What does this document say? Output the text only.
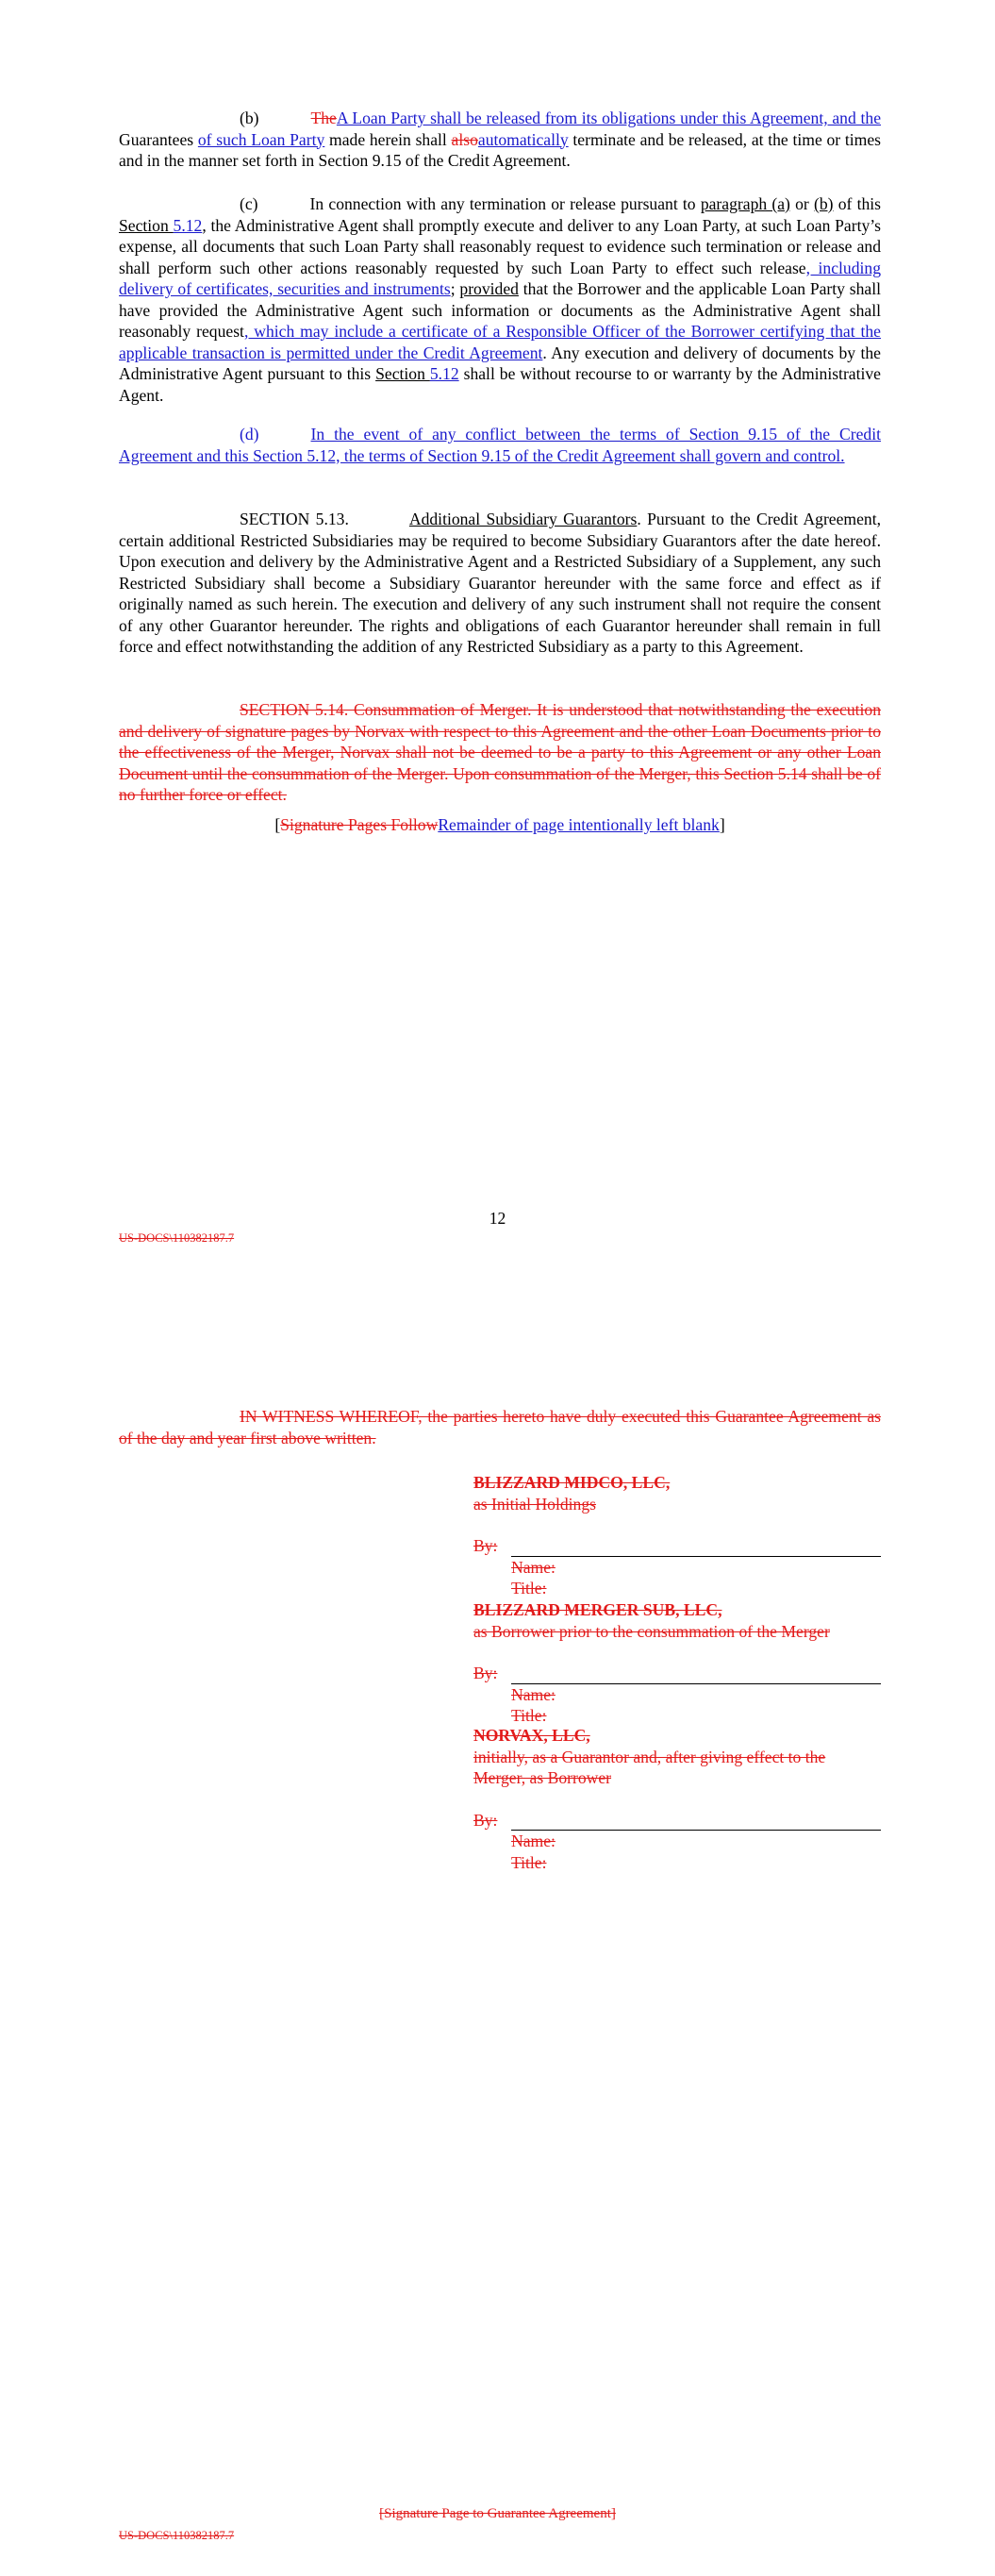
(b)	TheA Loan Party shall be released from its obligations under this Agreement, and the Guarantees of such Loan Party made herein shall alsoautomatically terminate and be released, at the time or times and in the manner set forth in Section 9.15 of the Credit Agreement.

(c)	In connection with any termination or release pursuant to paragraph (a) or (b) of this Section 5.12, the Administrative Agent shall promptly execute and deliver to any Loan Party, at such Loan Party’s expense, all documents that such Loan Party shall reasonably request to evidence such termination or release and shall perform such other actions reasonably requested by such Loan Party to effect such release, including delivery of certificates, securities and instruments; provided that the Borrower and the applicable Loan Party shall have provided the Administrative Agent such information or documents as the Administrative Agent shall reasonably request, which may include a certificate of a Responsible Officer of the Borrower certifying that the applicable transaction is permitted under the Credit Agreement. Any execution and delivery of documents by the Administrative Agent pursuant to this Section 5.12 shall be without recourse to or warranty by the Administrative Agent.

(d)	In the event of any conflict between the terms of Section 9.15 of the Credit Agreement and this Section 5.12, the terms of Section 9.15 of the Credit Agreement shall govern and control.

SECTION 5.13.	Additional Subsidiary Guarantors. Pursuant to the Credit Agreement, certain additional Restricted Subsidiaries may be required to become Subsidiary Guarantors after the date hereof. Upon execution and delivery by the Administrative Agent and a Restricted Subsidiary of a Supplement, any such Restricted Subsidiary shall become a Subsidiary Guarantor hereunder with the same force and effect as if originally named as such herein. The execution and delivery of any such instrument shall not require the consent of any other Guarantor hereunder. The rights and obligations of each Guarantor hereunder shall remain in full force and effect notwithstanding the addition of any Restricted Subsidiary as a party to this Agreement.

SECTION 5.14. Consummation of Merger. It is understood that notwithstanding the execution and delivery of signature pages by Norvax with respect to this Agreement and the other Loan Documents prior to the effectiveness of the Merger, Norvax shall not be deemed to be a party to this Agreement or any other Loan Document until the consummation of the Merger. Upon consummation of the Merger, this Section 5.14 shall be of no further force or effect.

[Signature Pages FollowRemainder of page intentionally left blank]

12
US-DOCS\110382187.7

IN WITNESS WHEREOF, the parties hereto have duly executed this Guarantee Agreement as of the day and year first above written.

BLIZZARD MIDCO, LLC,
as Initial Holdings
By:
Name:
Title:
BLIZZARD MERGER SUB, LLC,
as Borrower prior to the consummation of the Merger
By:
Name:
Title:
NORVAX, LLC,
initially, as a Guarantor and, after giving effect to the Merger, as Borrower
By:
Name:
Title:
[Signature Page to Guarantee Agreement]
US-DOCS\110382187.7
